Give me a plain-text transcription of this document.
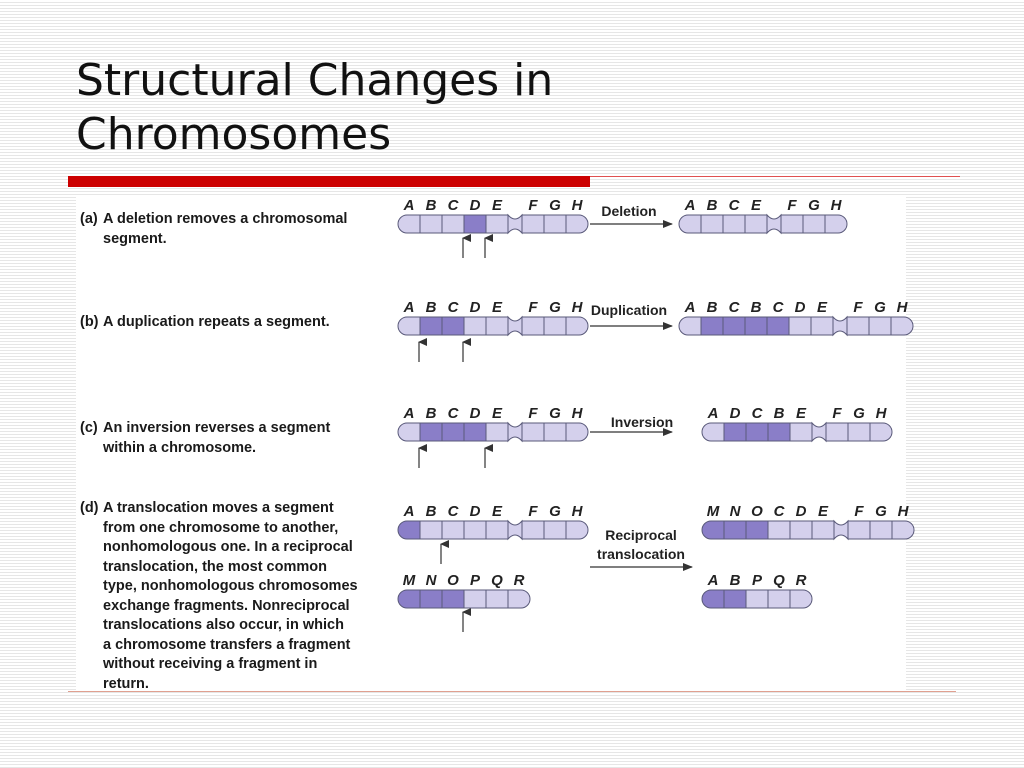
Structural Changes in
Chromosomes
(a) A deletion removes a chromosomal
segment.
(b) A duplication repeats a segment.
(c) An inversion reverses a segment
within a chromosome.
(d) A translocation moves a segment
from one chromosome to another,
nonhomologous one. In a reciprocal
translocation, the most common
type, nonhomologous chromosomes
exchange fragments. Nonreciprocal
translocations also occur, in which
a chromosome transfers a fragment
without receiving a fragment in
return.
Deletion
Duplication
Inversion
Reciprocal
translocation
A B C D E F G H	A B C E F G H
A B C D E F G H	A B C B C D E F G H
A B C D E F G H	A D C B E F G H
A B C D E F G H
M N O P Q R
M N O C D E F G H
A B P Q R
